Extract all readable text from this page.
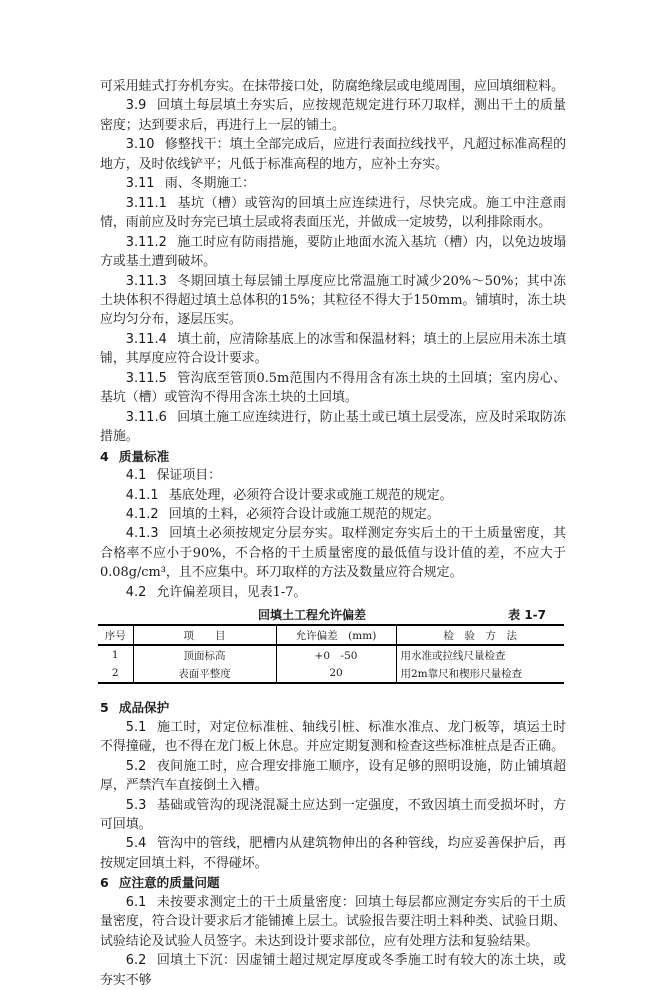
可采用蛙式打夯机夯实。在抹带接口处，防腐绝缘层或电缆周围，应回填细粒料。

3.9 回填土每层填土夯实后，应按规范规定进行环刀取样，测出干土的质量密度；达到要求后，再进行上一层的铺土。

3.10 修整找干：填土全部完成后，应进行表面拉线找平，凡超过标准高程的地方，及时依线铲平；凡低于标准高程的地方，应补土夯实。

3.11 雨、冬期施工：

3.11.1 基坑（槽）或管沟的回填土应连续进行，尽快完成。施工中注意雨情，雨前应及时夯完已填土层或将表面压光，并做成一定坡势，以利排除雨水。

3.11.2 施工时应有防雨措施，要防止地面水流入基坑（槽）内，以免边坡塌方或基土遭到破坏。

3.11.3 冬期回填土每层铺土厚度应比常温施工时减少20%～50%；其中冻土块体积不得超过填土总体积的15%；其粒径不得大于150mm。铺填时，冻土块应均匀分布，逐层压实。

3.11.4 填土前，应清除基底上的冰雪和保温材料；填土的上层应用未冻土填铺，其厚度应符合设计要求。

3.11.5 管沟底至管顶0.5m范围内不得用含有冻土块的土回填；室内房心、基坑（槽）或管沟不得用含冻土块的土回填。

3.11.6 回填土施工应连续进行，防止基土或已填土层受冻，应及时采取防冻措施。

4 质量标准

4.1 保证项目：

4.1.1 基底处理，必须符合设计要求或施工规范的规定。

4.1.2 回填的土料，必须符合设计或施工规范的规定。

4.1.3 回填土必须按规定分层夯实。取样测定夯实后土的干土质量密度，其合格率不应小于90%，不合格的干土质量密度的最低值与设计值的差，不应大于0.08g/cm³，且不应集中。环刀取样的方法及数量应符合规定。

4.2 允许偏差项目，见表1-7。

回填土工程允许偏差	表 1-7
序号	项　　目	允许偏差　(mm)	检　验　方　法
1	顶面标高	+0　-50	用水准或拉线尺量检查
2	表面平整度	20	用2m靠尺和楔形尺量检查

5 成品保护

5.1 施工时，对定位标准桩、轴线引桩、标准水准点、龙门板等，填运土时不得撞碰，也不得在龙门板上休息。并应定期复测和检查这些标准桩点是否正确。

5.2 夜间施工时，应合理安排施工顺序，设有足够的照明设施，防止铺填超厚，严禁汽车直接倒土入槽。

5.3 基础或管沟的现浇混凝土应达到一定强度，不致因填土而受损坏时，方可回填。

5.4 管沟中的管线，肥槽内从建筑物伸出的各种管线，均应妥善保护后，再按规定回填土料，不得碰坏。

6 应注意的质量问题

6.1 未按要求测定土的干土质量密度：回填土每层都应测定夯实后的干土质量密度，符合设计要求后才能铺摊上层土。试验报告要注明土料种类、试验日期、试验结论及试验人员签字。未达到设计要求部位，应有处理方法和复验结果。

6.2 回填土下沉：因虚铺土超过规定厚度或冬季施工时有较大的冻土块，或夯实不够
